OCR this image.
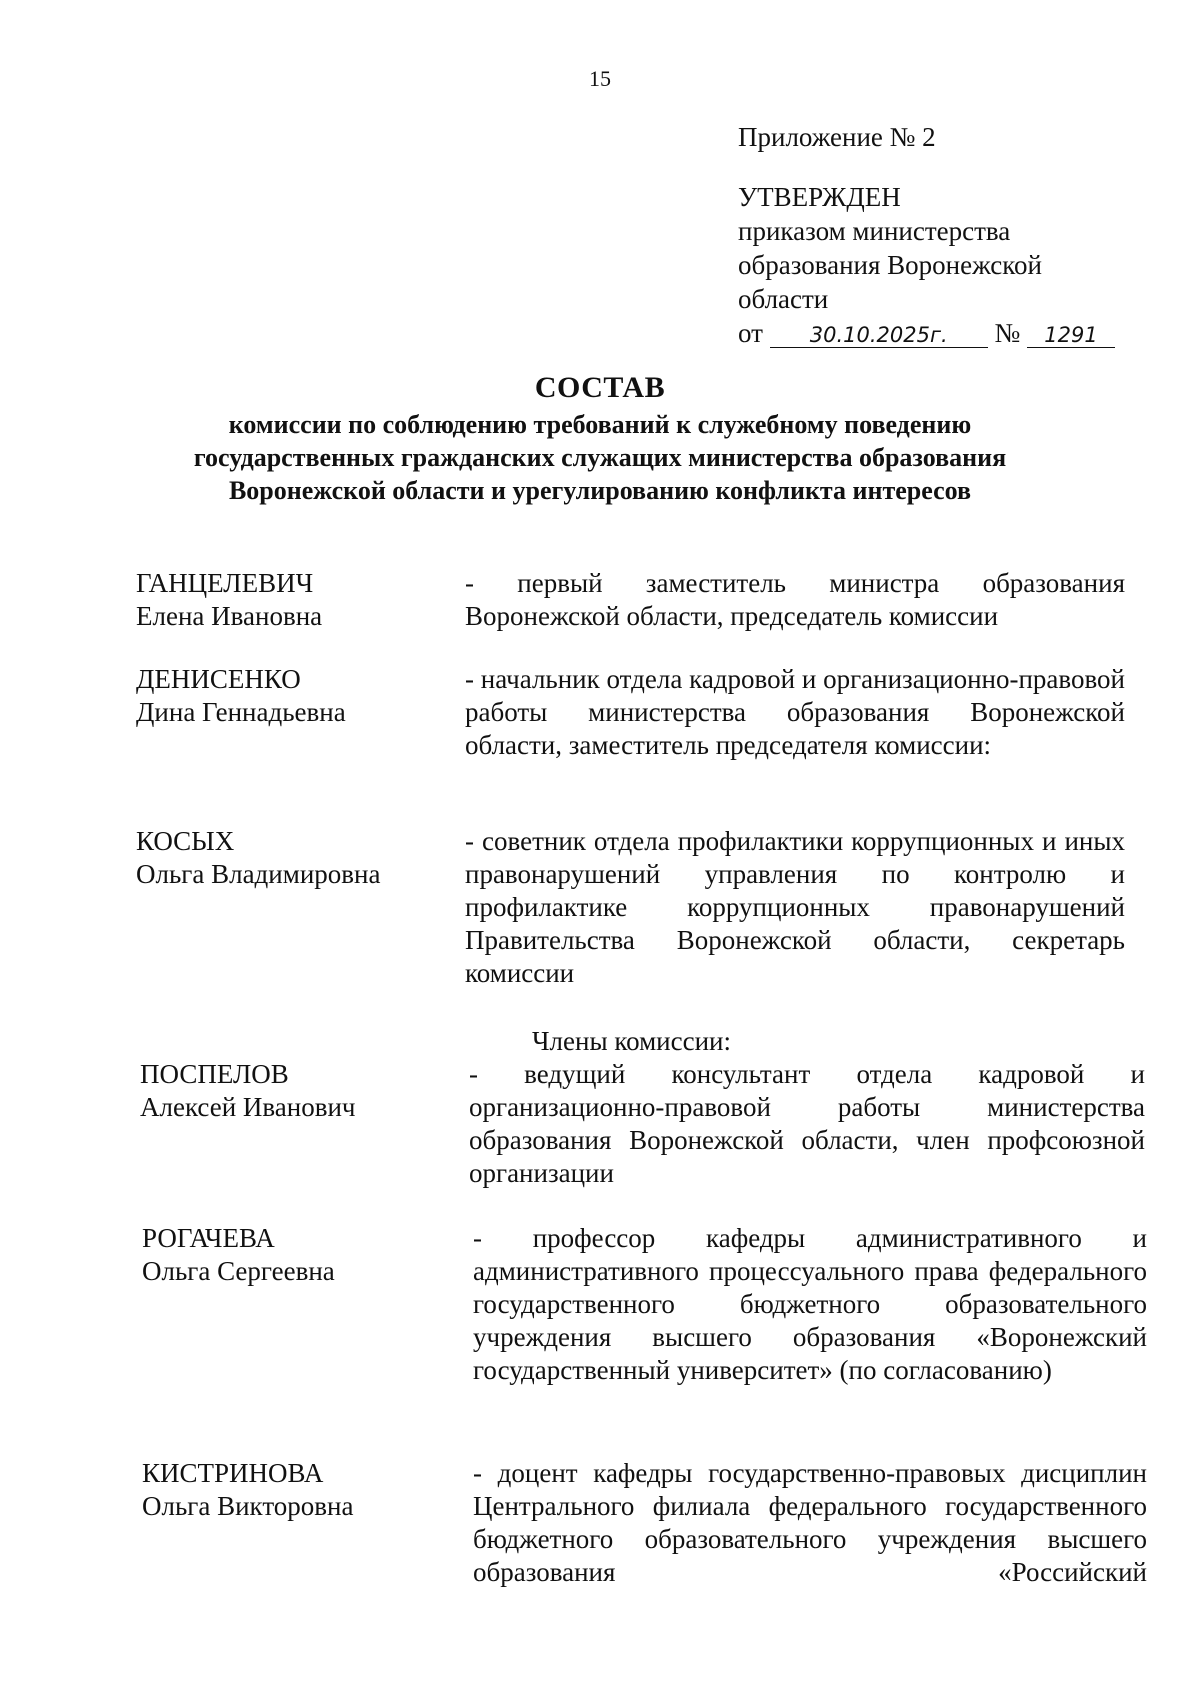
15
Приложение № 2
УТВЕРЖДЕН
приказом министерства
образования Воронежской
области
от 30.10.2025г. № 1291
СОСТАВ
комиссии по соблюдению требований к служебному поведению
государственных гражданских служащих министерства образования
Воронежской области и урегулированию конфликта интересов
ГАНЦЕЛЕВИЧ
Елена Ивановна
- первый заместитель министра образования Воронежской области, председатель комиссии
ДЕНИСЕНКО
Дина Геннадьевна
- начальник отдела кадровой и организационно-правовой работы министерства образования Воронежской области, заместитель председателя комиссии:
КОСЫХ
Ольга Владимировна
- советник отдела профилактики коррупционных и иных правонарушений управления по контролю и профилактике коррупционных правонарушений Правительства Воронежской области, секретарь комиссии
Члены комиссии:
ПОСПЕЛОВ
Алексей Иванович
- ведущий консультант отдела кадровой и организационно-правовой работы министерства образования Воронежской области, член профсоюзной организации
РОГАЧЕВА
Ольга Сергеевна
- профессор кафедры административного и административного процессуального права федерального государственного бюджетного образовательного учреждения высшего образования «Воронежский государственный университет» (по согласованию)
КИСТРИНОВА
Ольга Викторовна
- доцент кафедры государственно-правовых дисциплин Центрального филиала федерального государственного бюджетного образовательного учреждения высшего образования «Российский
